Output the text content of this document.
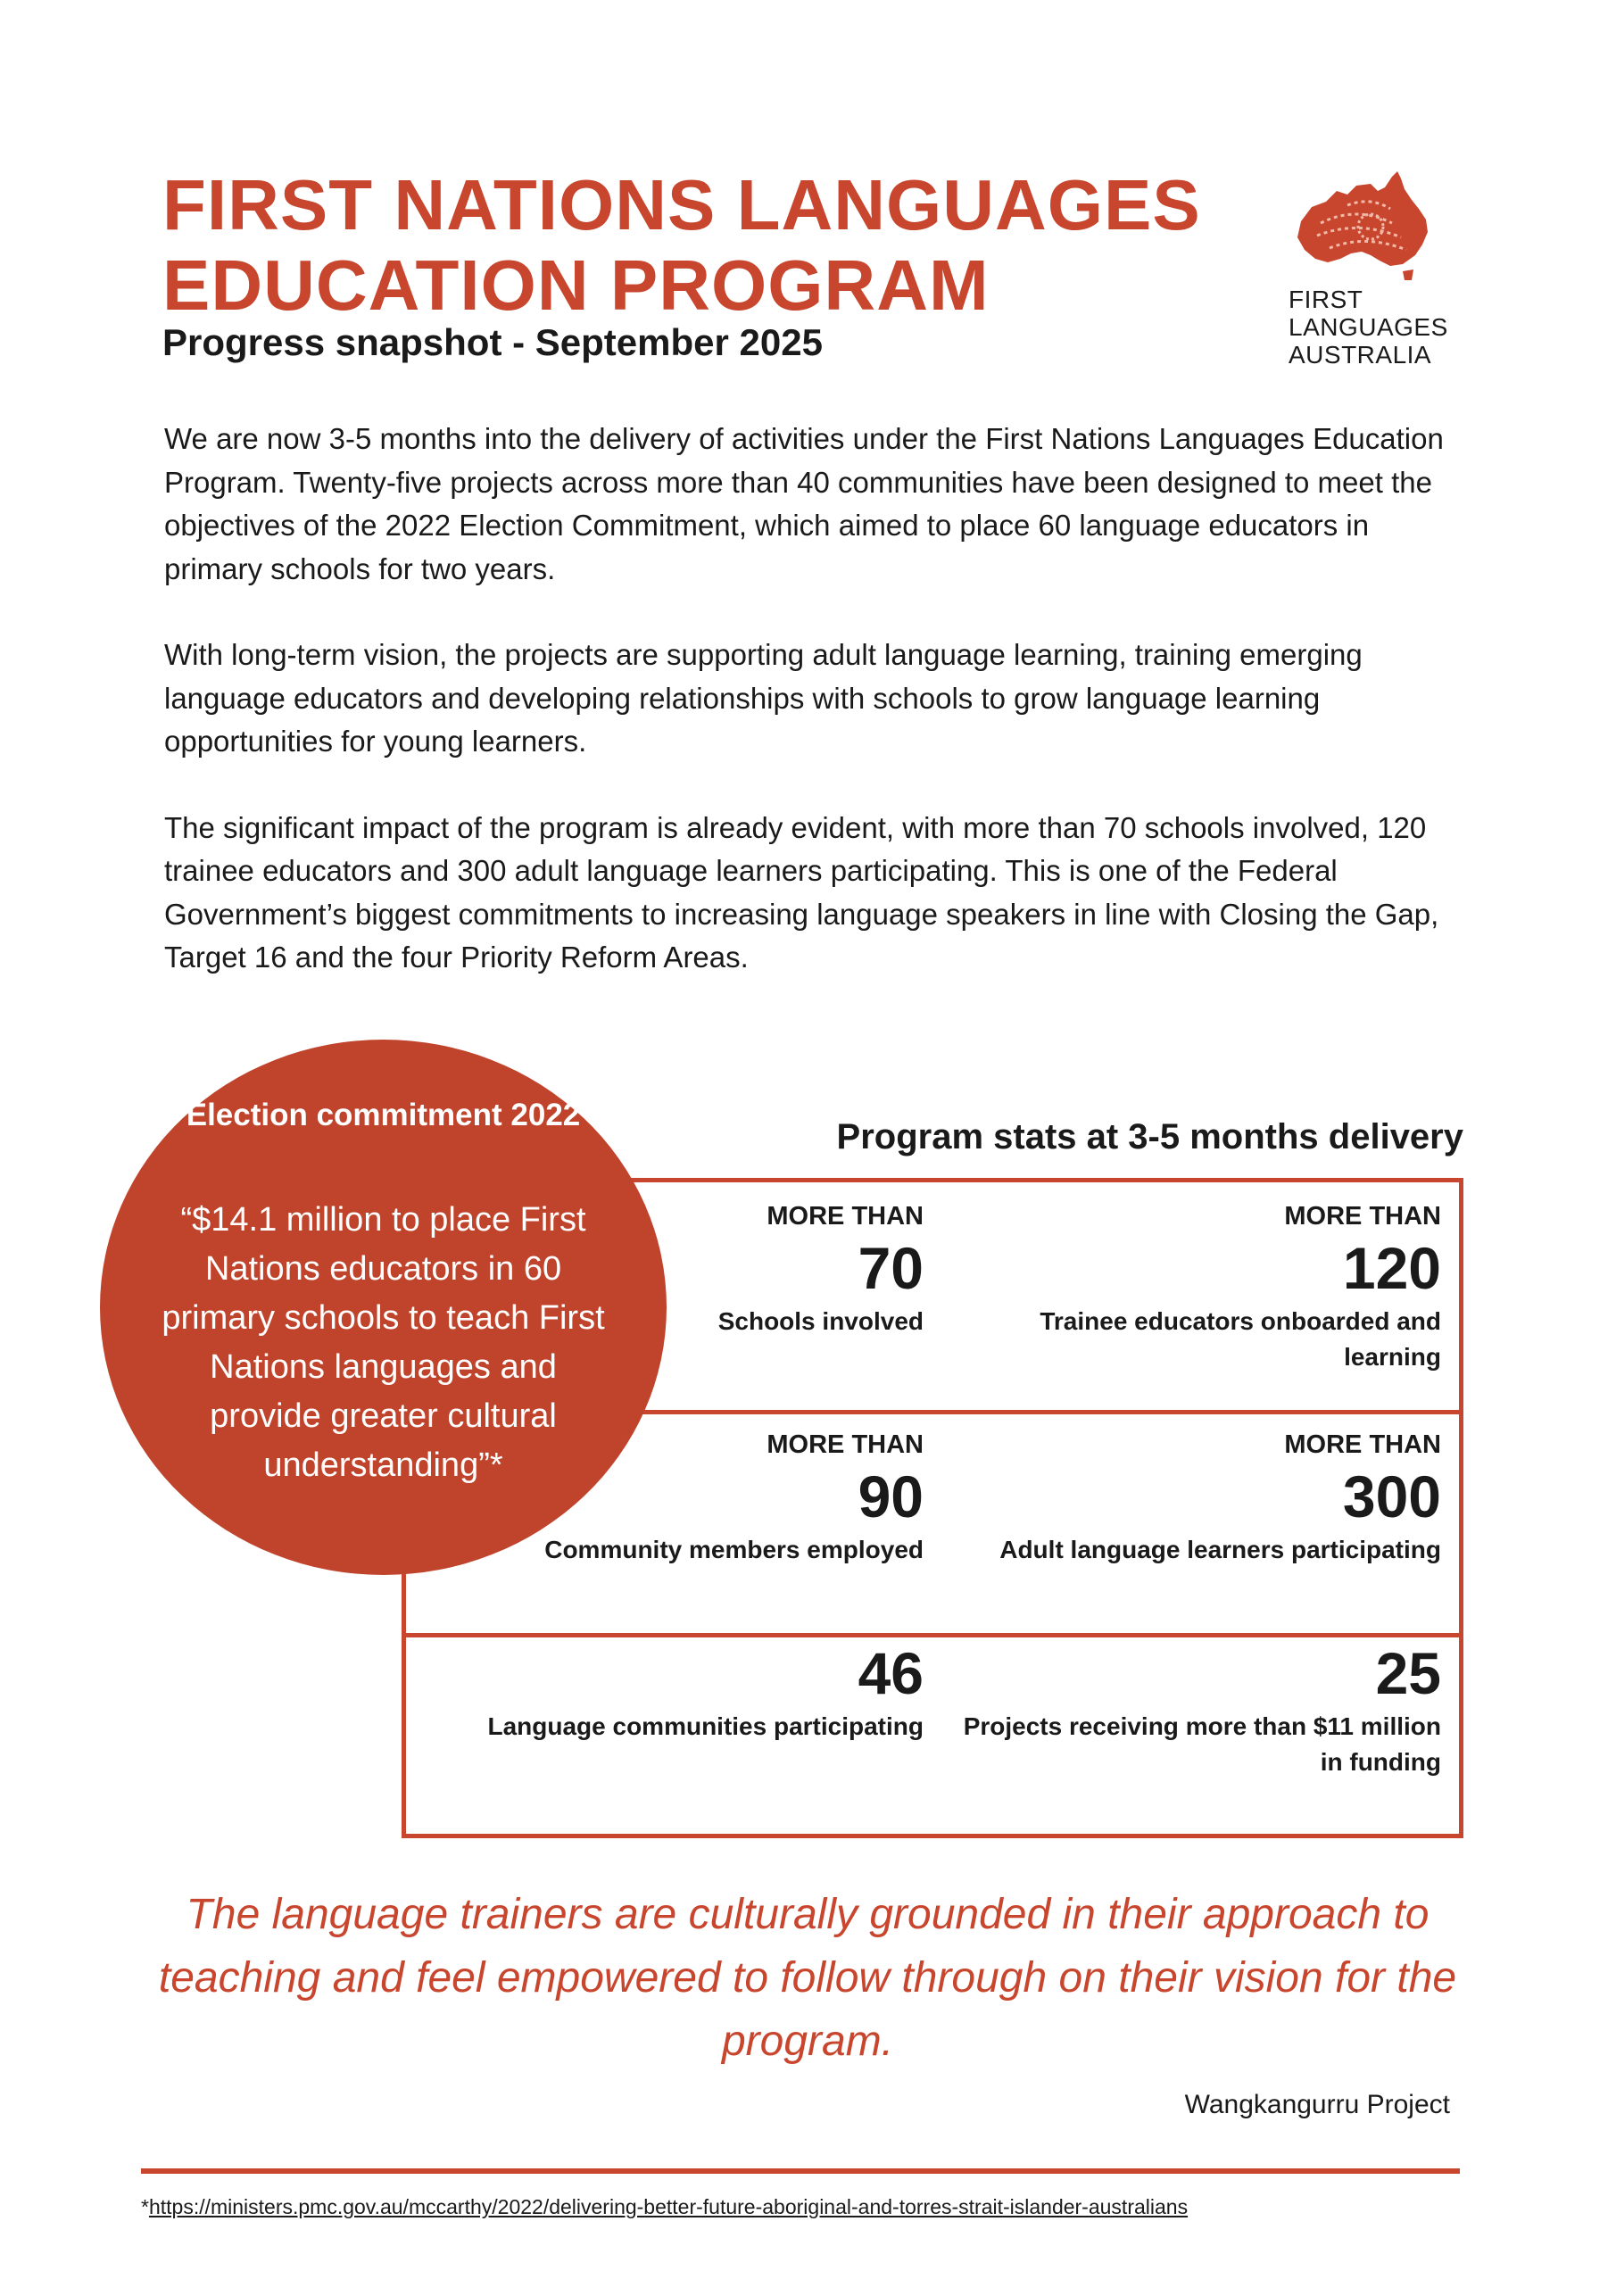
FIRST NATIONS LANGUAGES
EDUCATION PROGRAM
Progress snapshot - September 2025
FIRST
LANGUAGES
AUSTRALIA

We are now 3-5 months into the delivery of activities under the First Nations Languages Education Program. Twenty-five projects across more than 40 communities have been designed to meet the objectives of the 2022 Election Commitment, which aimed to place 60 language educators in primary schools for two years.

With long-term vision, the projects are supporting adult language learning, training emerging language educators and developing relationships with schools to grow language learning opportunities for young learners.

The significant impact of the program is already evident, with more than 70 schools involved, 120 trainee educators and 300 adult language learners participating. This is one of the Federal Government’s biggest commitments to increasing language speakers in line with Closing the Gap, Target 16 and the four Priority Reform Areas.

Program stats at 3-5 months delivery
MORE THAN
70
Schools involved
MORE THAN
120
Trainee educators onboarded and learning
MORE THAN
90
Community members employed
MORE THAN
300
Adult language learners participating
46
Language communities participating
25
Projects receiving more than $11 million in funding
Election commitment 2022
“$14.1 million to place First Nations educators in 60 primary schools to teach First Nations languages and provide greater cultural understanding”*
The language trainers are culturally grounded in their approach to teaching and feel empowered to follow through on their vision for the program.
Wangkangurru Project
*https://ministers.pmc.gov.au/mccarthy/2022/delivering-better-future-aboriginal-and-torres-strait-islander-australians
